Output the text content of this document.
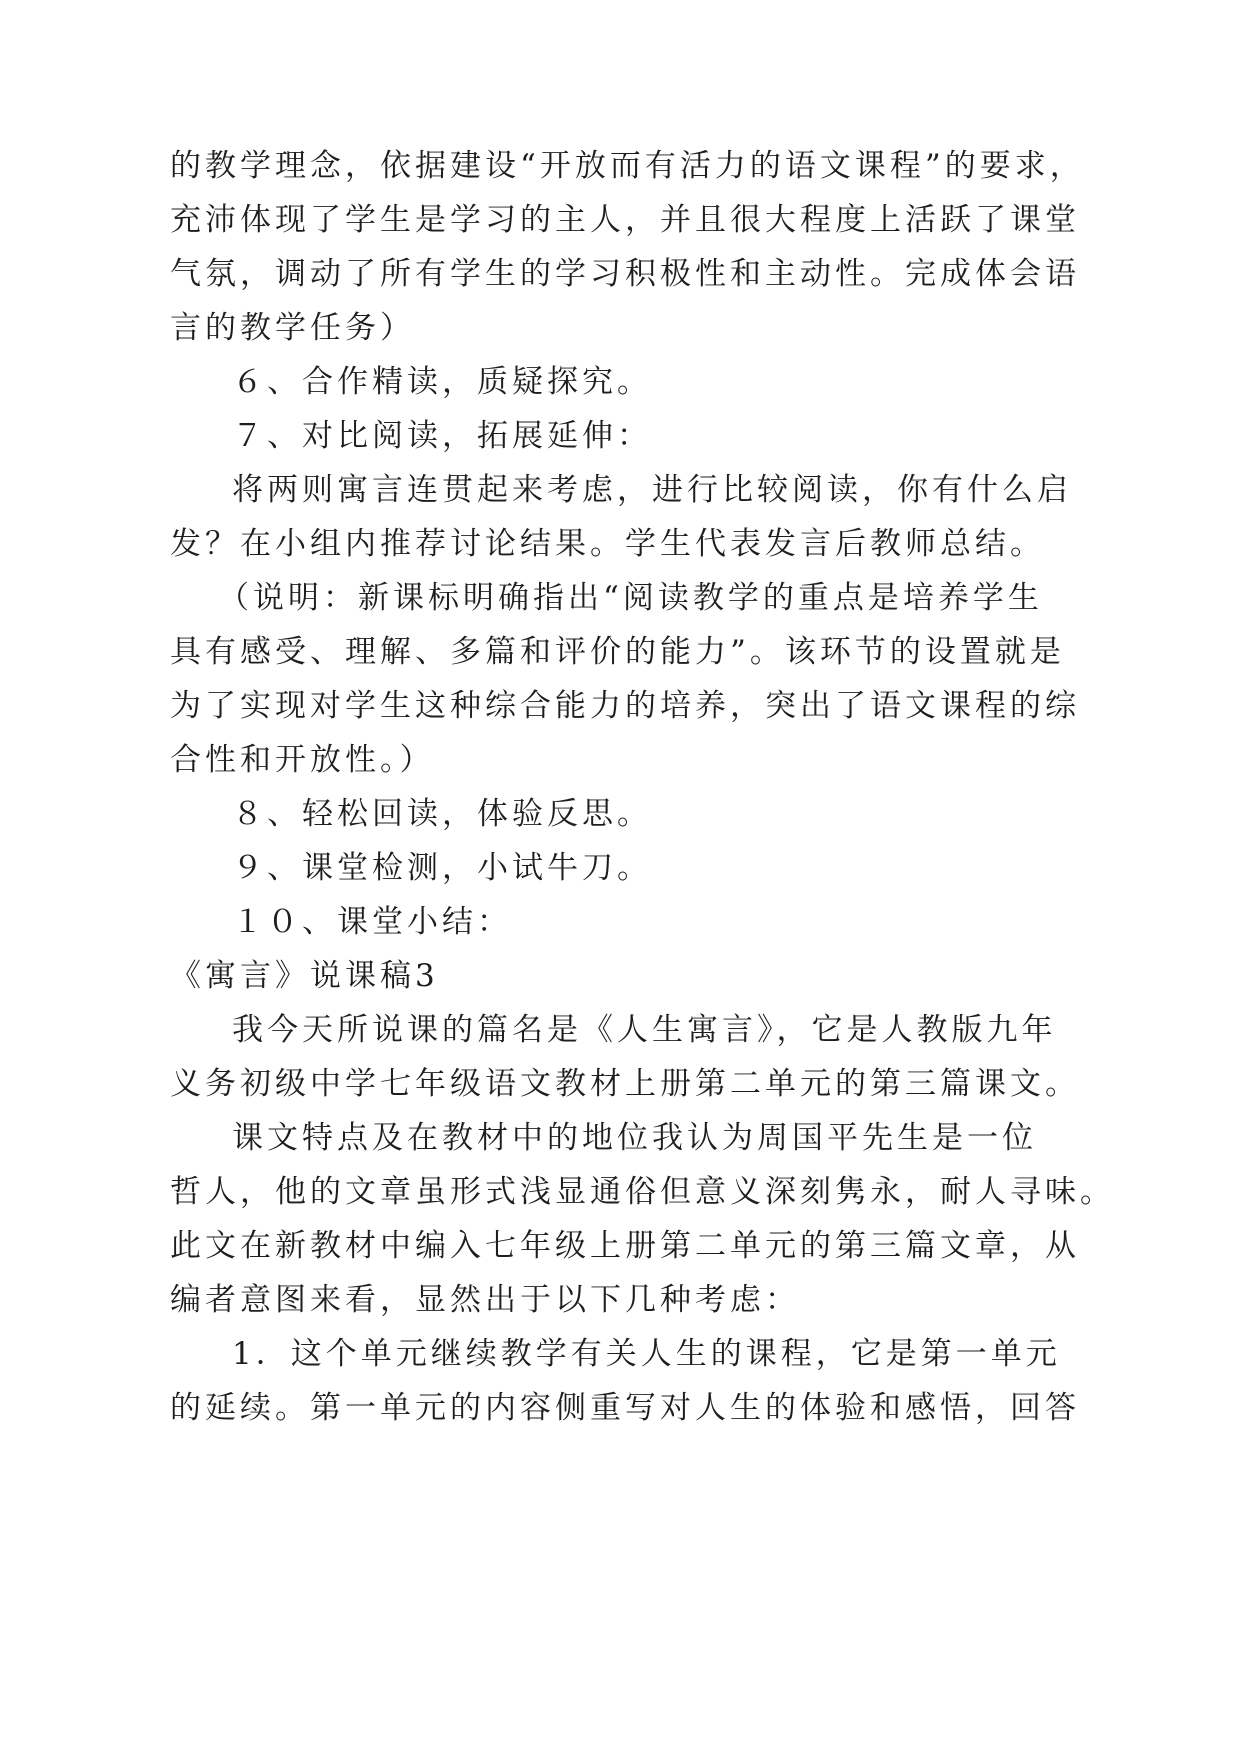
的教学理念，依据建设“开放而有活力的语文课程”的要求，
充沛体现了学生是学习的主人，并且很大程度上活跃了课堂
气氛，调动了所有学生的学习积极性和主动性。完成体会语
言的教学任务）
６、合作精读，质疑探究。
７、对比阅读，拓展延伸：
将两则寓言连贯起来考虑，进行比较阅读，你有什么启
发？在小组内推荐讨论结果。学生代表发言后教师总结。
（说明：新课标明确指出“阅读教学的重点是培养学生
具有感受、理解、多篇和评价的能力”。该环节的设置就是
为了实现对学生这种综合能力的培养，突出了语文课程的综
合性和开放性。）
８、轻松回读，体验反思。
９、课堂检测，小试牛刀。
１０、课堂小结：
《寓言》说课稿3
我今天所说课的篇名是《人生寓言》，它是人教版九年
义务初级中学七年级语文教材上册第二单元的第三篇课文。
课文特点及在教材中的地位我认为周国平先生是一位
哲人，他的文章虽形式浅显通俗但意义深刻隽永，耐人寻味。
此文在新教材中编入七年级上册第二单元的第三篇文章，从
编者意图来看，显然出于以下几种考虑：
1．这个单元继续教学有关人生的课程，它是第一单元
的延续。第一单元的内容侧重写对人生的体验和感悟，回答
